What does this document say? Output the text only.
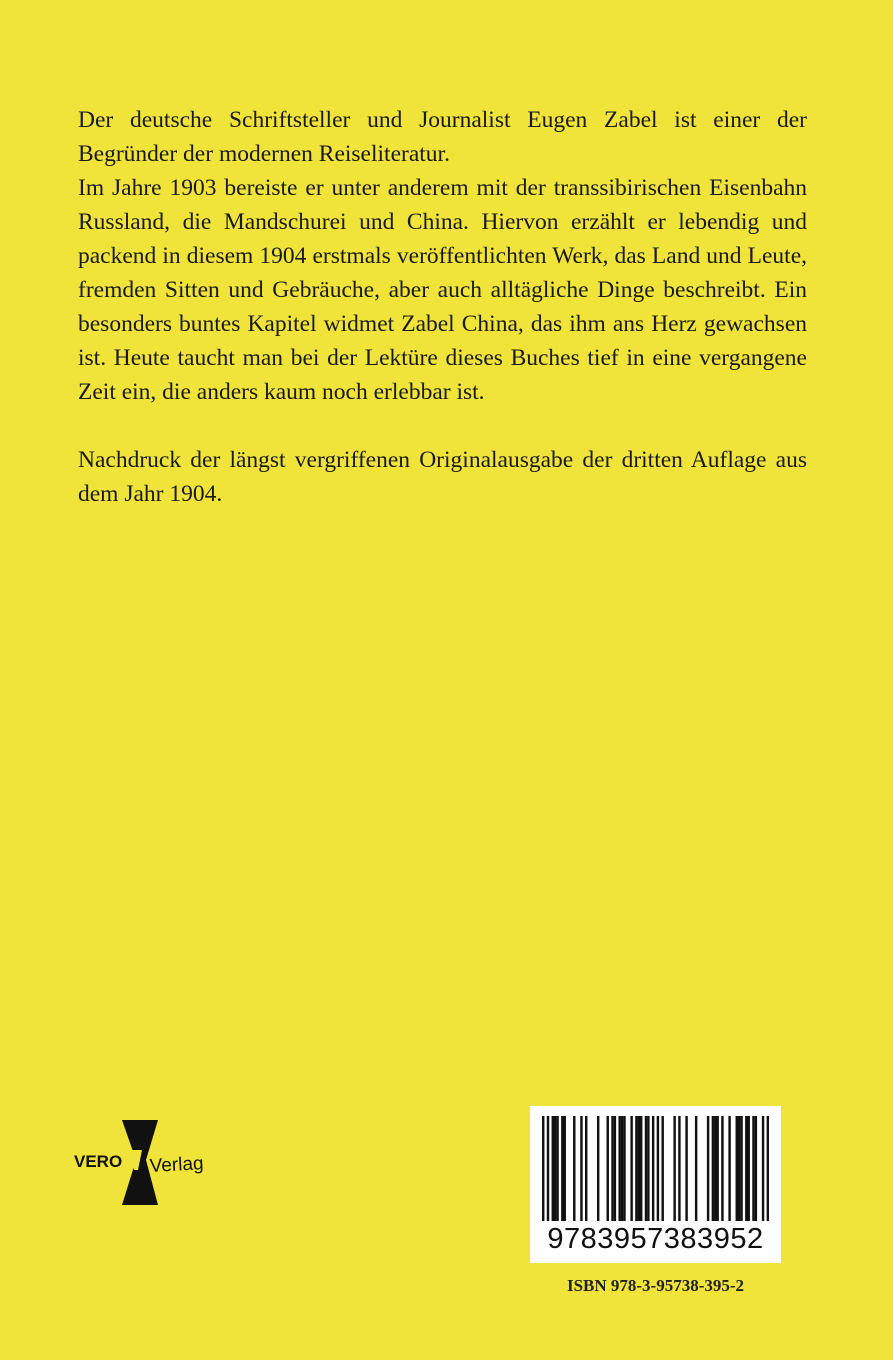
Der deutsche Schriftsteller und Journalist Eugen Zabel ist einer der Begründer der modernen Reiseliteratur.

Im Jahre 1903 bereiste er unter anderem mit der transsibirischen Eisenbahn Russland, die Mandschurei und China. Hiervon erzählt er lebendig und packend in diesem 1904 erstmals veröffentlichten Werk, das Land und Leute, fremden Sitten und Gebräuche, aber auch alltägliche Dinge beschreibt. Ein besonders buntes Kapitel widmet Zabel China, das ihm ans Herz gewachsen ist. Heute taucht man bei der Lektüre dieses Buches tief in eine vergangene Zeit ein, die anders kaum noch erlebbar ist.

Nachdruck der längst vergriffenen Originalausgabe der dritten Auflage aus dem Jahr 1904.

VERO Verlag
9783957383952
ISBN 978-3-95738-395-2
